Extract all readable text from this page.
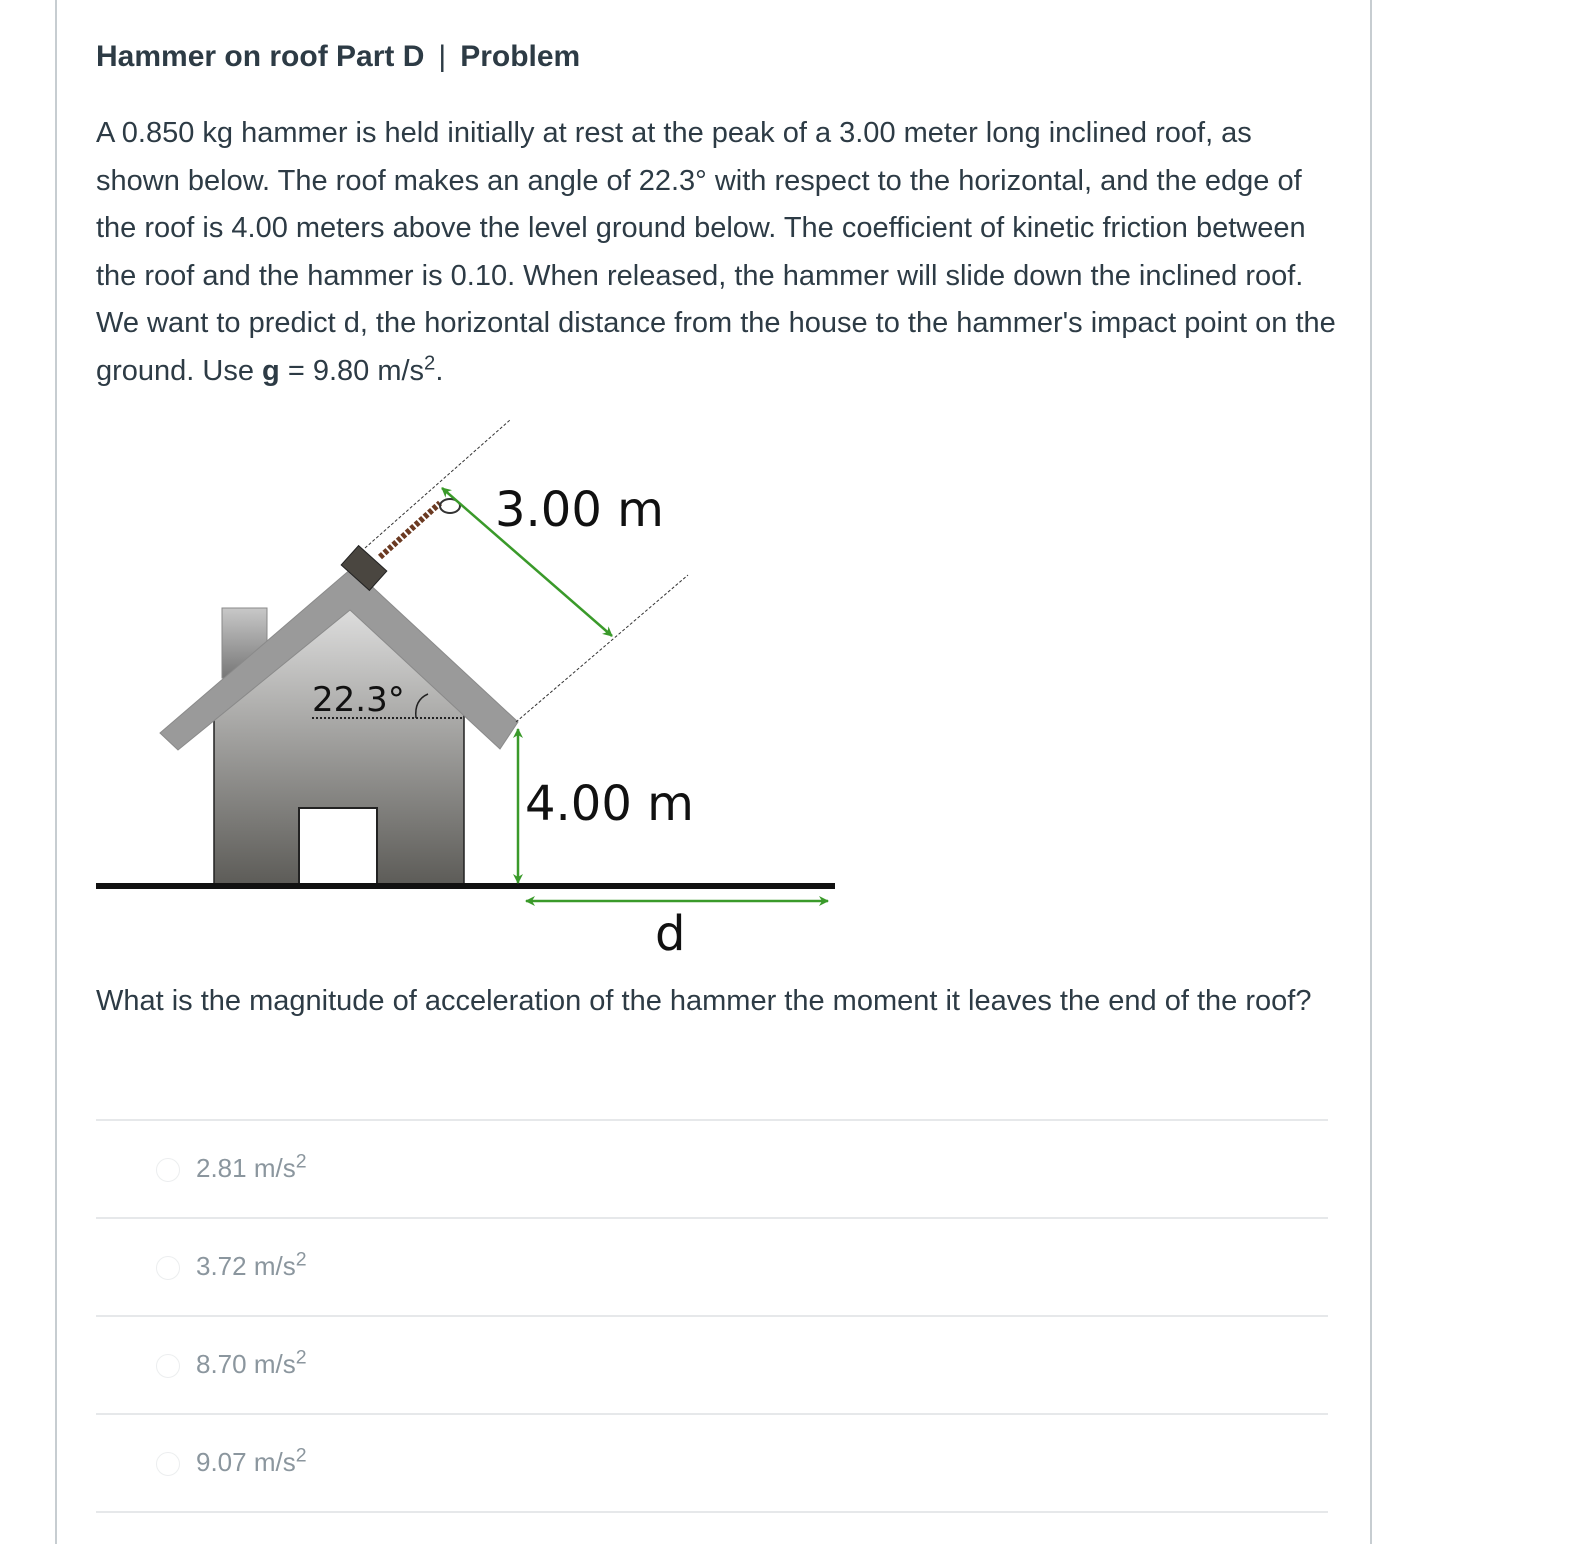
Hammer on roof Part D | Problem

A 0.850 kg hammer is held initially at rest at the peak of a 3.00 meter long inclined roof, as shown below. The roof makes an angle of 22.3° with respect to the horizontal, and the edge of the roof is 4.00 meters above the level ground below. The coefficient of kinetic friction between the roof and the hammer is 0.10. When released, the hammer will slide down the inclined roof. We want to predict d, the horizontal distance from the house to the hammer's impact point on the ground. Use g = 9.80 $m/s^2$.

22.3°
3.00 m
4.00 m
d
What is the magnitude of acceleration of the hammer the moment it leaves the end of the roof?
2.81 $m/s^2$
3.72 $m/s^2$
8.70 $m/s^2$
9.07 $m/s^2$
